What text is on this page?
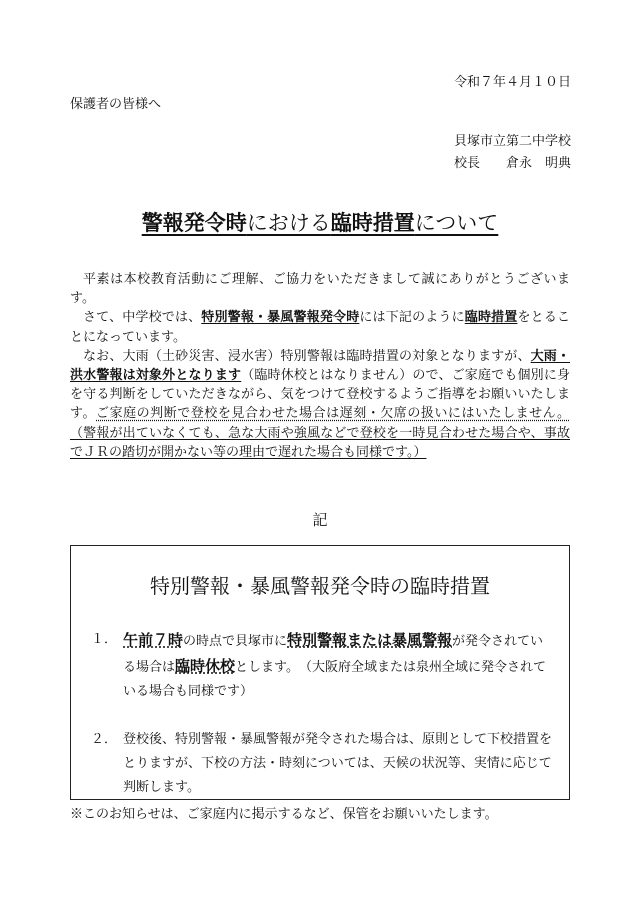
令和７年４月１０日
保護者の皆様へ
貝塚市立第二中学校
校長　　倉永　明典
警報発令時における臨時措置について

平素は本校教育活動にご理解、ご協力をいただきまして誠にありがとうございます。

さて、中学校では、特別警報・暴風警報発令時には下記のように臨時措置をとることになっています。

なお、大雨（土砂災害、浸水害）特別警報は臨時措置の対象となりますが、大雨・洪水警報は対象外となります（臨時休校とはなりません）ので、ご家庭でも個別に身を守る判断をしていただきながら、気をつけて登校するようご指導をお願いいたします。ご家庭の判断で登校を見合わせた場合は遅刻・欠席の扱いにはいたしません。（警報が出ていなくても、急な大雨や強風などで登校を一時見合わせた場合や、事故でＪＲの踏切が開かない等の理由で遅れた場合も同様です。）

記
特別警報・暴風警報発令時の臨時措置
１． 午前７時の時点で貝塚市に特別警報または暴風警報が発令されている場合は臨時休校とします。　（大阪府全域または泉州全域に発令されている場合も同様です）
２． 登校後、特別警報・暴風警報が発令された場合は、原則として下校措置をとりますが、下校の方法・時刻については、天候の状況等、実情に応じて判断します。
※このお知らせは、ご家庭内に掲示するなど、保管をお願いいたします。
